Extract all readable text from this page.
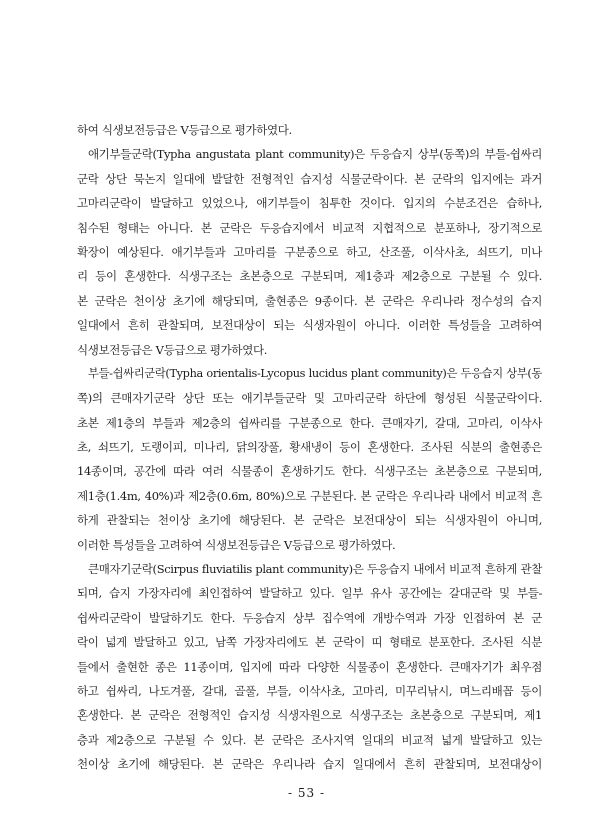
하여 식생보전등급은 Ⅴ등급으로 평가하였다.
애기부들군락(Typha angustata plant community)은 두응습지 상부(동쪽)의 부들-쉽싸리
군락 상단 묵논지 일대에 발달한 전형적인 습지성 식물군락이다. 본 군락의 입지에는 과거
고마리군락이 발달하고 있었으나, 애기부들이 침투한 것이다. 입지의 수분조건은 습하나,
침수된 형태는 아니다. 본 군락은 두응습지에서 비교적 지협적으로 분포하나, 장기적으로
확장이 예상된다. 애기부들과 고마리를 구분종으로 하고, 산조풀, 이삭사초, 쇠뜨기, 미나
리 등이 혼생한다. 식생구조는 초본층으로 구분되며, 제1층과 제2층으로 구분될 수 있다.
본 군락은 천이상 초기에 해당되며, 출현종은 9종이다. 본 군락은 우리나라 정수성의 습지
일대에서 흔히 관찰되며, 보전대상이 되는 식생자원이 아니다. 이러한 특성들을 고려하여
식생보전등급은 Ⅴ등급으로 평가하였다.
부들-쉽싸리군락(Typha orientalis-Lycopus lucidus plant community)은 두응습지 상부(동
쪽)의 큰매자기군락 상단 또는 애기부들군락 및 고마리군락 하단에 형성된 식물군락이다.
초본 제1층의 부들과 제2층의 쉽싸리를 구분종으로 한다. 큰매자기, 갈대, 고마리, 이삭사
초, 쇠뜨기, 도랭이피, 미나리, 닭의장풀, 황새냉이 등이 혼생한다. 조사된 식분의 출현종은
14종이며, 공간에 따라 여러 식물종이 혼생하기도 한다. 식생구조는 초본층으로 구분되며,
제1층(1.4m, 40%)과 제2층(0.6m, 80%)으로 구분된다. 본 군락은 우리나라 내에서 비교적 흔
하게 관찰되는 천이상 초기에 해당된다. 본 군락은 보전대상이 되는 식생자원이 아니며,
이러한 특성들을 고려하여 식생보전등급은 Ⅴ등급으로 평가하였다.
큰매자기군락(Scirpus fluviatilis plant community)은 두응습지 내에서 비교적 흔하게 관찰
되며, 습지 가장자리에 최인접하여 발달하고 있다. 일부 유사 공간에는 갈대군락 및 부들-
쉽싸리군락이 발달하기도 한다. 두응습지 상부 집수역에 개방수역과 가장 인접하여 본 군
락이 넓게 발달하고 있고, 남쪽 가장자리에도 본 군락이 띠 형태로 분포한다. 조사된 식분
들에서 출현한 종은 11종이며, 입지에 따라 다양한 식물종이 혼생한다. 큰매자기가 최우점
하고 쉽싸리, 나도겨풀, 갈대, 골풀, 부들, 이삭사초, 고마리, 미꾸리낚시, 며느리배꼽 등이
혼생한다. 본 군락은 전형적인 습지성 식생자원으로 식생구조는 초본층으로 구분되며, 제1
층과 제2층으로 구분될 수 있다. 본 군락은 조사지역 일대의 비교적 넓게 발달하고 있는
천이상 초기에 해당된다. 본 군락은 우리나라 습지 일대에서 흔히 관찰되며, 보전대상이
- 53 -
